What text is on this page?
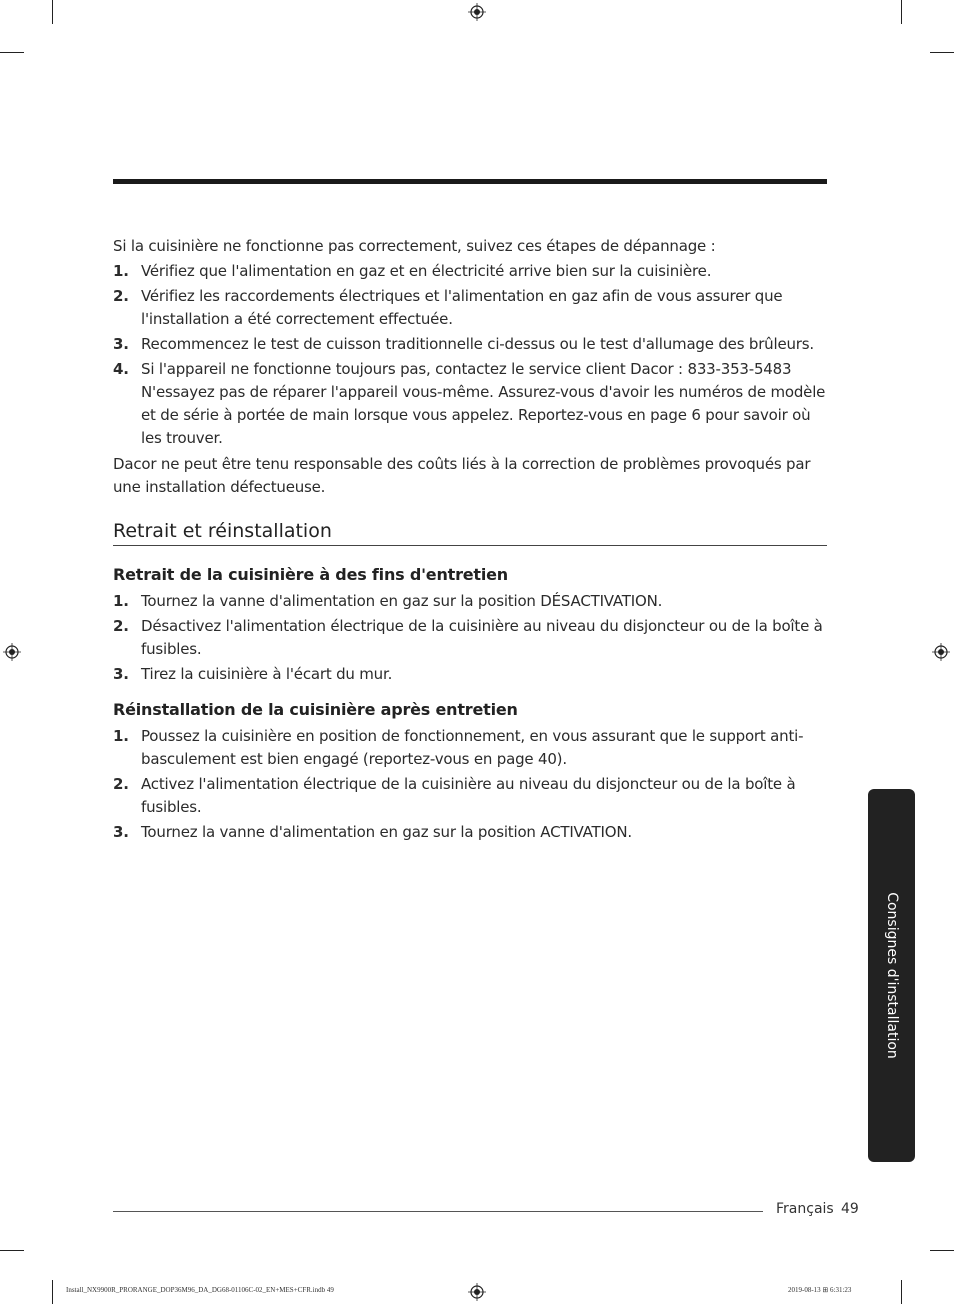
Si la cuisinière ne fonctionne pas correctement, suivez ces étapes de dépannage :

1. Vérifiez que l'alimentation en gaz et en électricité arrive bien sur la cuisinière.
2. Vérifiez les raccordements électriques et l'alimentation en gaz afin de vous assurer que l'installation a été correctement effectuée.
3. Recommencez le test de cuisson traditionnelle ci-dessus ou le test d'allumage des brûleurs.
4. Si l'appareil ne fonctionne toujours pas, contactez le service client Dacor : 833-353-5483 N'essayez pas de réparer l'appareil vous-même. Assurez-vous d'avoir les numéros de modèle et de série à portée de main lorsque vous appelez. Reportez-vous en page 6 pour savoir où les trouver.

Dacor ne peut être tenu responsable des coûts liés à la correction de problèmes provoqués par une installation défectueuse.

Retrait et réinstallation
Retrait de la cuisinière à des fins d'entretien
1. Tournez la vanne d'alimentation en gaz sur la position DÉSACTIVATION.
2. Désactivez l'alimentation électrique de la cuisinière au niveau du disjoncteur ou de la boîte à fusibles.
3. Tirez la cuisinière à l'écart du mur.
Réinstallation de la cuisinière après entretien
1. Poussez la cuisinière en position de fonctionnement, en vous assurant que le support anti-basculement est bien engagé (reportez-vous en page 40).
2. Activez l'alimentation électrique de la cuisinière au niveau du disjoncteur ou de la boîte à fusibles.
3. Tournez la vanne d'alimentation en gaz sur la position ACTIVATION.
Consignes d'installation
Français 49
Install_NX9900R_PRORANGE_DOP36M96_DA_DG68-01106C-02_EN+MES+CFR.indb 49	2019-08-13 ⊞ 6:31:23
